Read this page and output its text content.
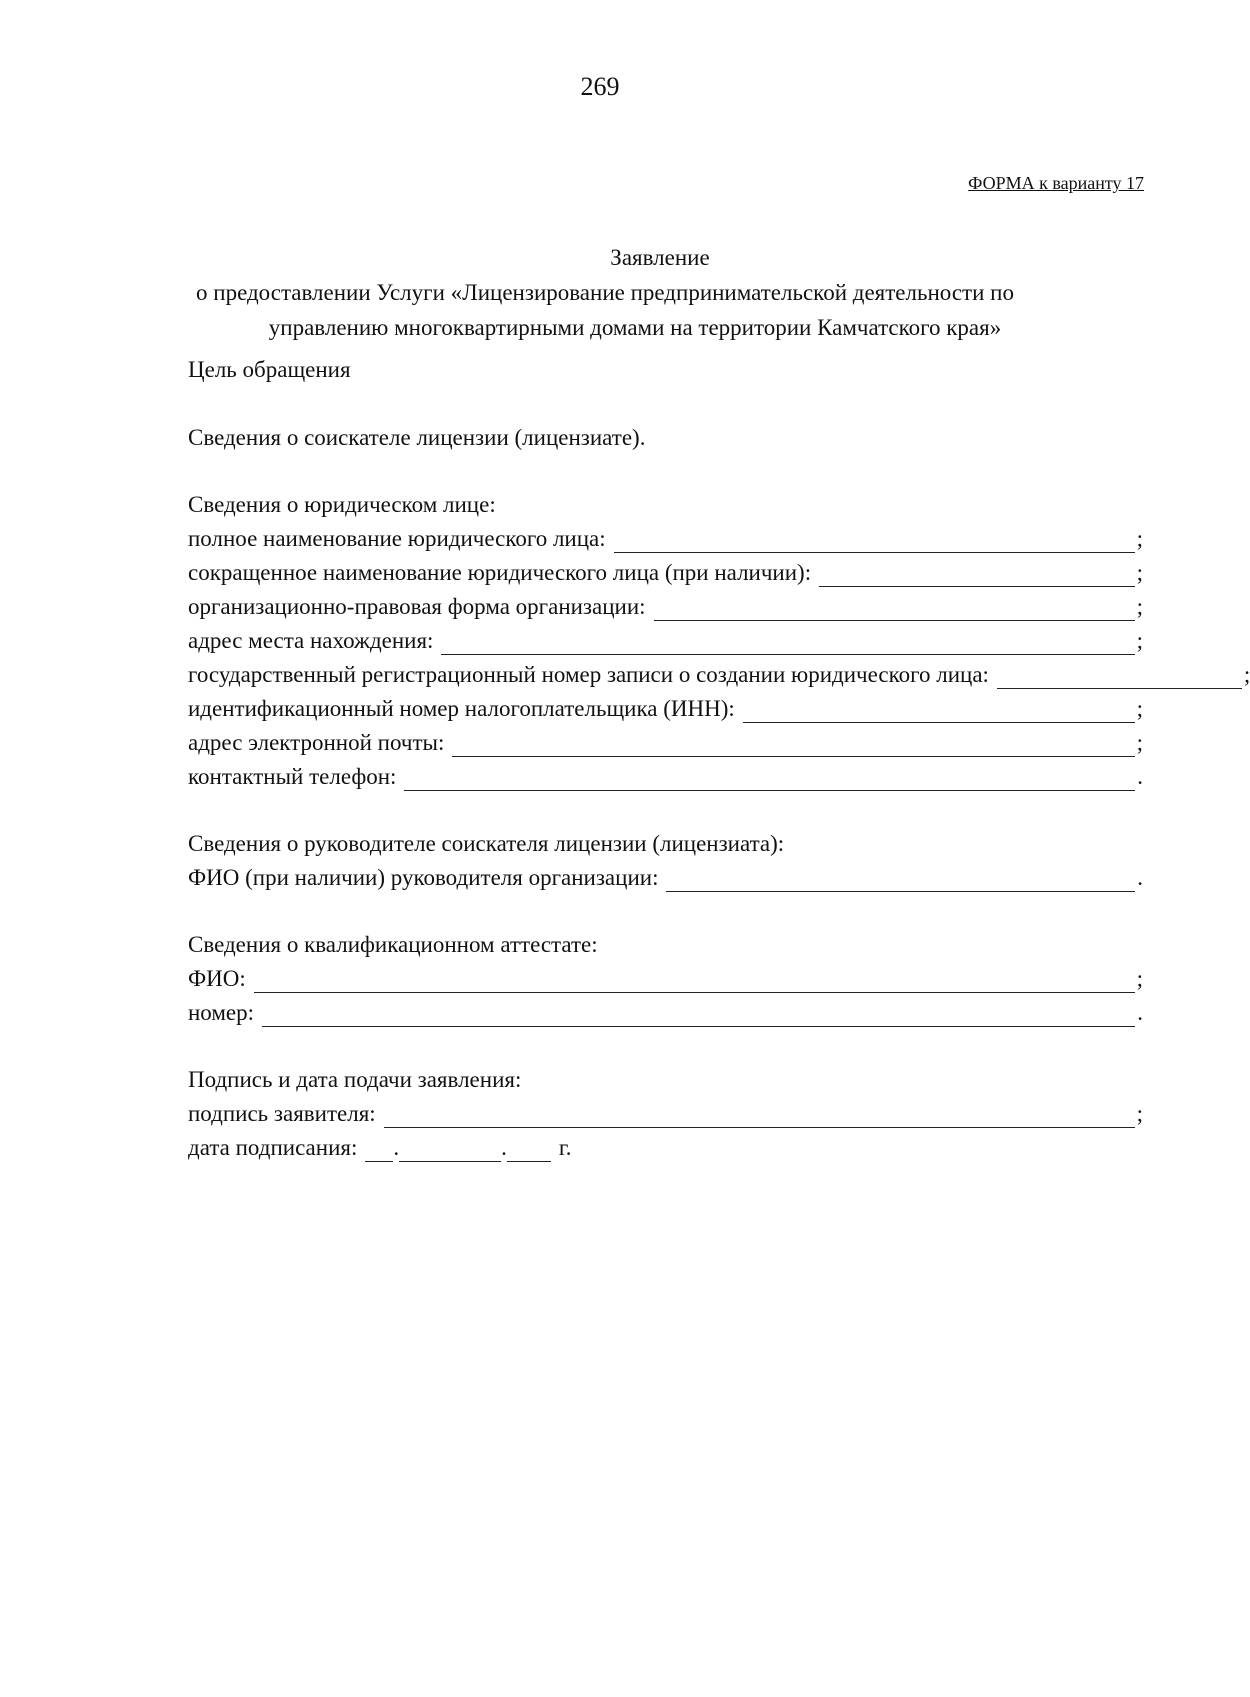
269
ФОРМА к варианту 17
Заявление
о предоставлении Услуги «Лицензирование предпринимательской деятельности по
управлению многоквартирными домами на территории Камчатского края»
Цель обращения
Сведения о соискателе лицензии (лицензиате).
Сведения о юридическом лице:
полное наименование юридического лица:	;
сокращенное наименование юридического лица (при наличии):	;
организационно-правовая форма организации:	;
адрес места нахождения:	;
государственный регистрационный номер записи о создании юридического лица:	;
идентификационный номер налогоплательщика (ИНН):	;
адрес электронной почты:	;
контактный телефон:	.
Сведения о руководителе соискателя лицензии (лицензиата):
ФИО (при наличии) руководителя организации:	.
Сведения о квалификационном аттестате:
ФИО:	;
номер:	.
Подпись и дата подачи заявления:
подпись заявителя:	;
дата подписания: .	. г.
